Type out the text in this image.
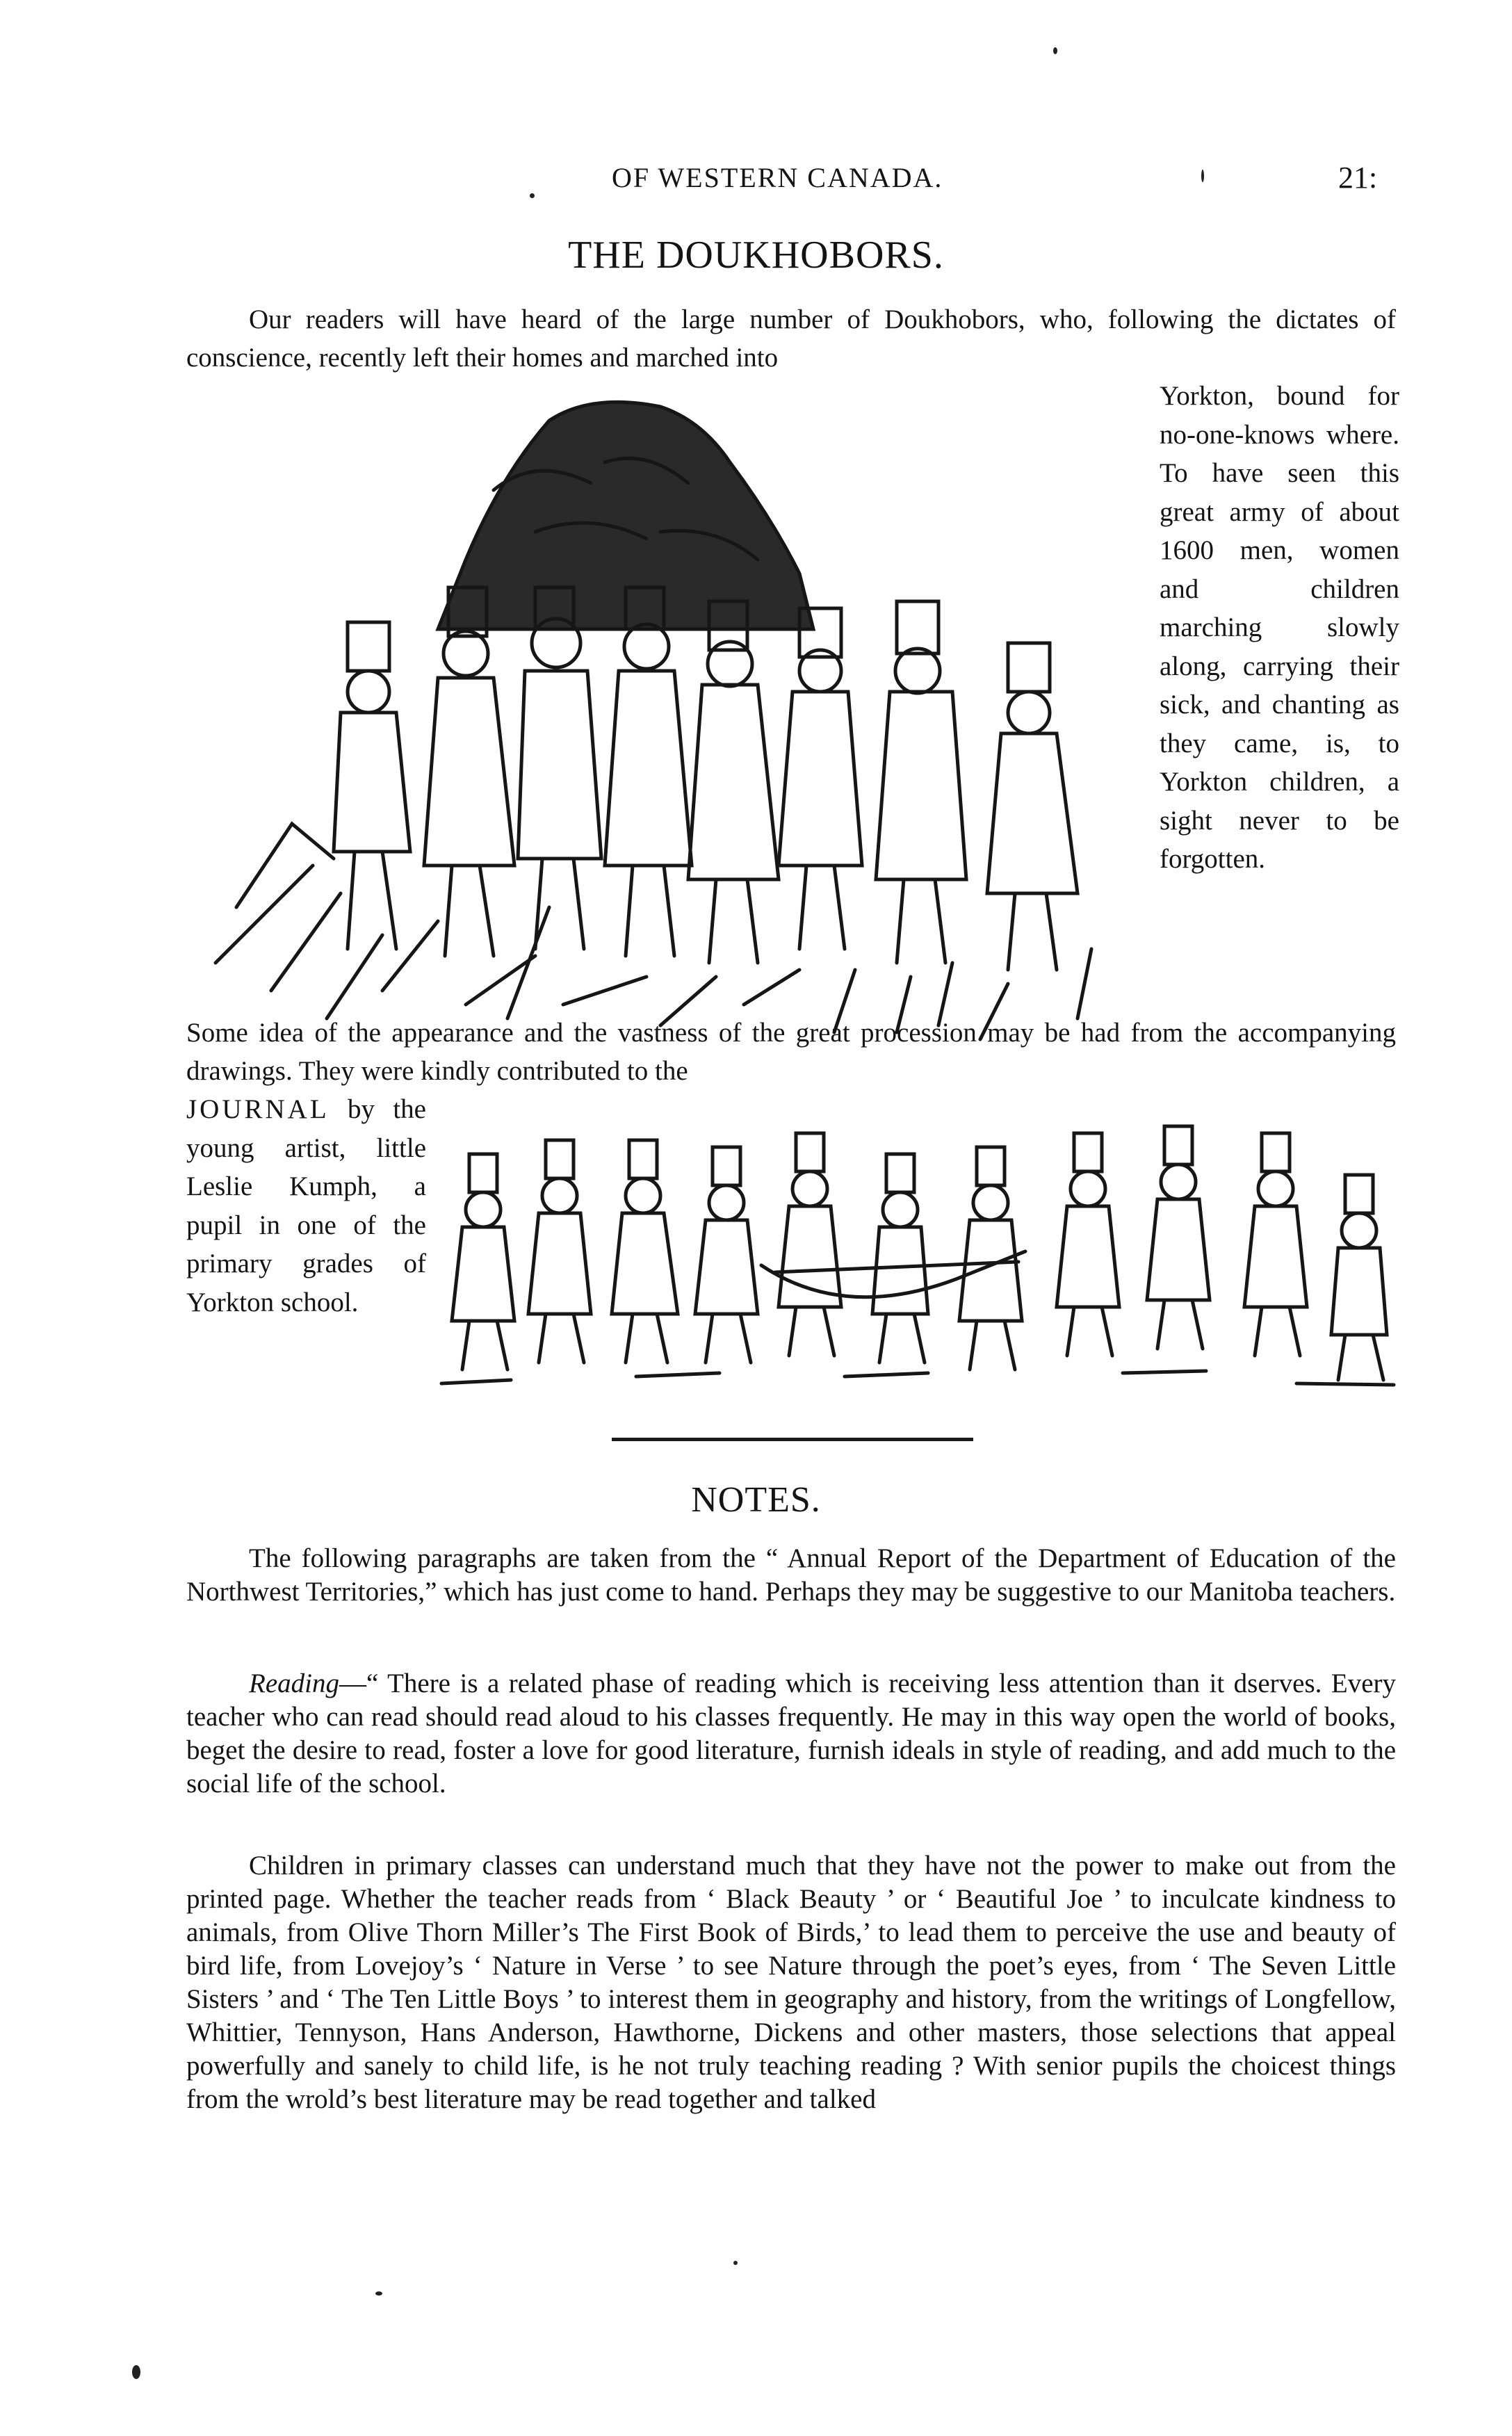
OF WESTERN CANADA.	21:
THE DOUKHOBORS.

Our readers will have heard of the large number of Doukhobors, who, following the dictates of conscience, recently left their homes and marched into

Yorkton, bound for no-one-knows where. To have seen this great army of about 1600 men, women and children marching slowly along, carrying their sick, and chanting as they came, is, to Yorkton children, a sight never to be forgotten.

Some idea of the appearance and the vastness of the great procession may be had from the accompanying drawings. They were kindly contributed to the

JOURNAL by the young artist, little Leslie Kumph, a pupil in one of the primary grades of Yorkton school.
NOTES.

The following paragraphs are taken from the “ Annual Report of the Department of Education of the Northwest Territories,” which has just come to hand. Perhaps they may be suggestive to our Manitoba teachers.

Reading—“ There is a related phase of reading which is receiving less attention than it dserves. Every teacher who can read should read aloud to his classes frequently. He may in this way open the world of books, beget the desire to read, foster a love for good literature, furnish ideals in style of reading, and add much to the social life of the school.

Children in primary classes can understand much that they have not the power to make out from the printed page. Whether the teacher reads from ‘ Black Beauty ’ or ‘ Beautiful Joe ’ to inculcate kindness to animals, from Olive Thorn Miller’s The First Book of Birds,’ to lead them to perceive the use and beauty of bird life, from Lovejoy’s ‘ Nature in Verse ’ to see Nature through the poet’s eyes, from ‘ The Seven Little Sisters ’ and ‘ The Ten Little Boys ’ to interest them in geography and history, from the writings of Longfellow, Whittier, Tennyson, Hans Anderson, Hawthorne, Dickens and other masters, those selections that appeal powerfully and sanely to child life, is he not truly teaching reading ? With senior pupils the choicest things from the wrold’s best literature may be read together and talked
